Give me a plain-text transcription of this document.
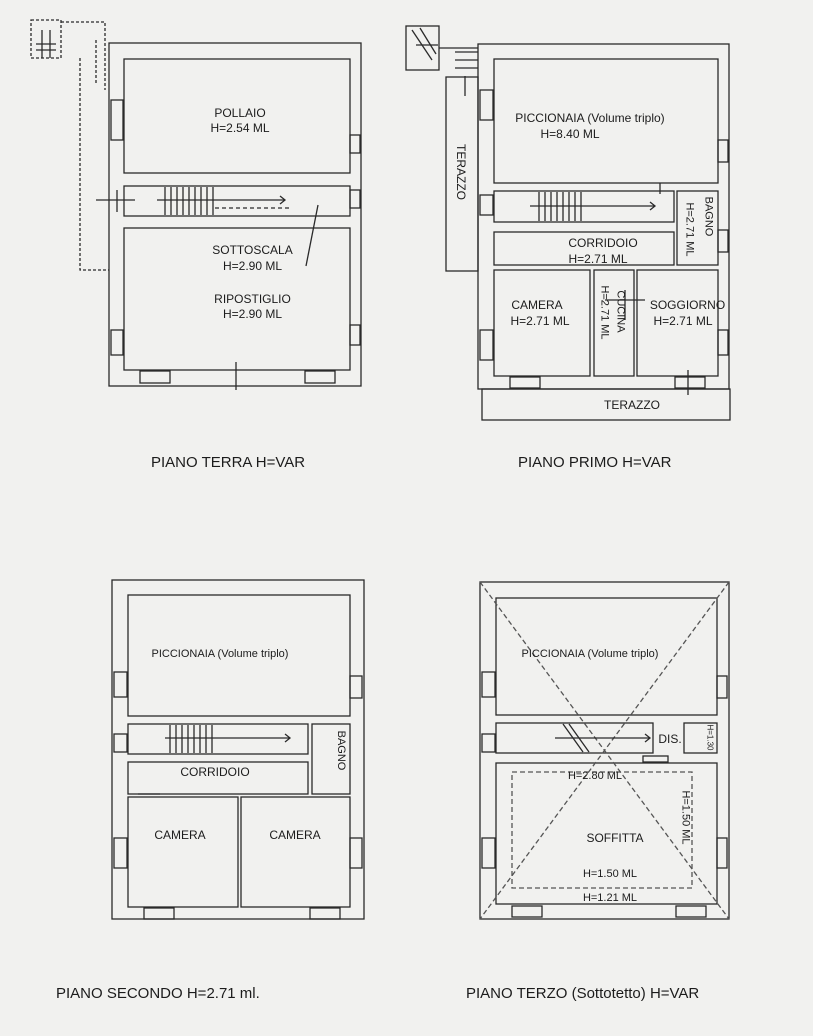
POLLAIO
H=2.54 ML
SOTTOSCALA
H=2.90 ML
RIPOSTIGLIO
H=2.90 ML
PIANO TERRA H=VAR
PICCIONAIA (Volume triplo)
H=8.40 ML
TERAZZO
BAGNO
H=2.71 ML
CORRIDOIO
H=2.71 ML
CAMERA
H=2.71 ML	CUCINA
H=2.71 ML	SOGGIORNO
H=2.71 ML
TERAZZO
PIANO PRIMO H=VAR
PICCIONAIA (Volume triplo)
BAGNO
CORRIDOIO
CAMERA	CAMERA
PIANO SECONDO H=2.71 ml.
PICCIONAIA (Volume triplo)
DIS.	H=1.30
H=2.80 ML
H=1.50 ML
SOFFITTA
H=1.50 ML
H=1.21 ML
PIANO TERZO (Sottotetto) H=VAR
